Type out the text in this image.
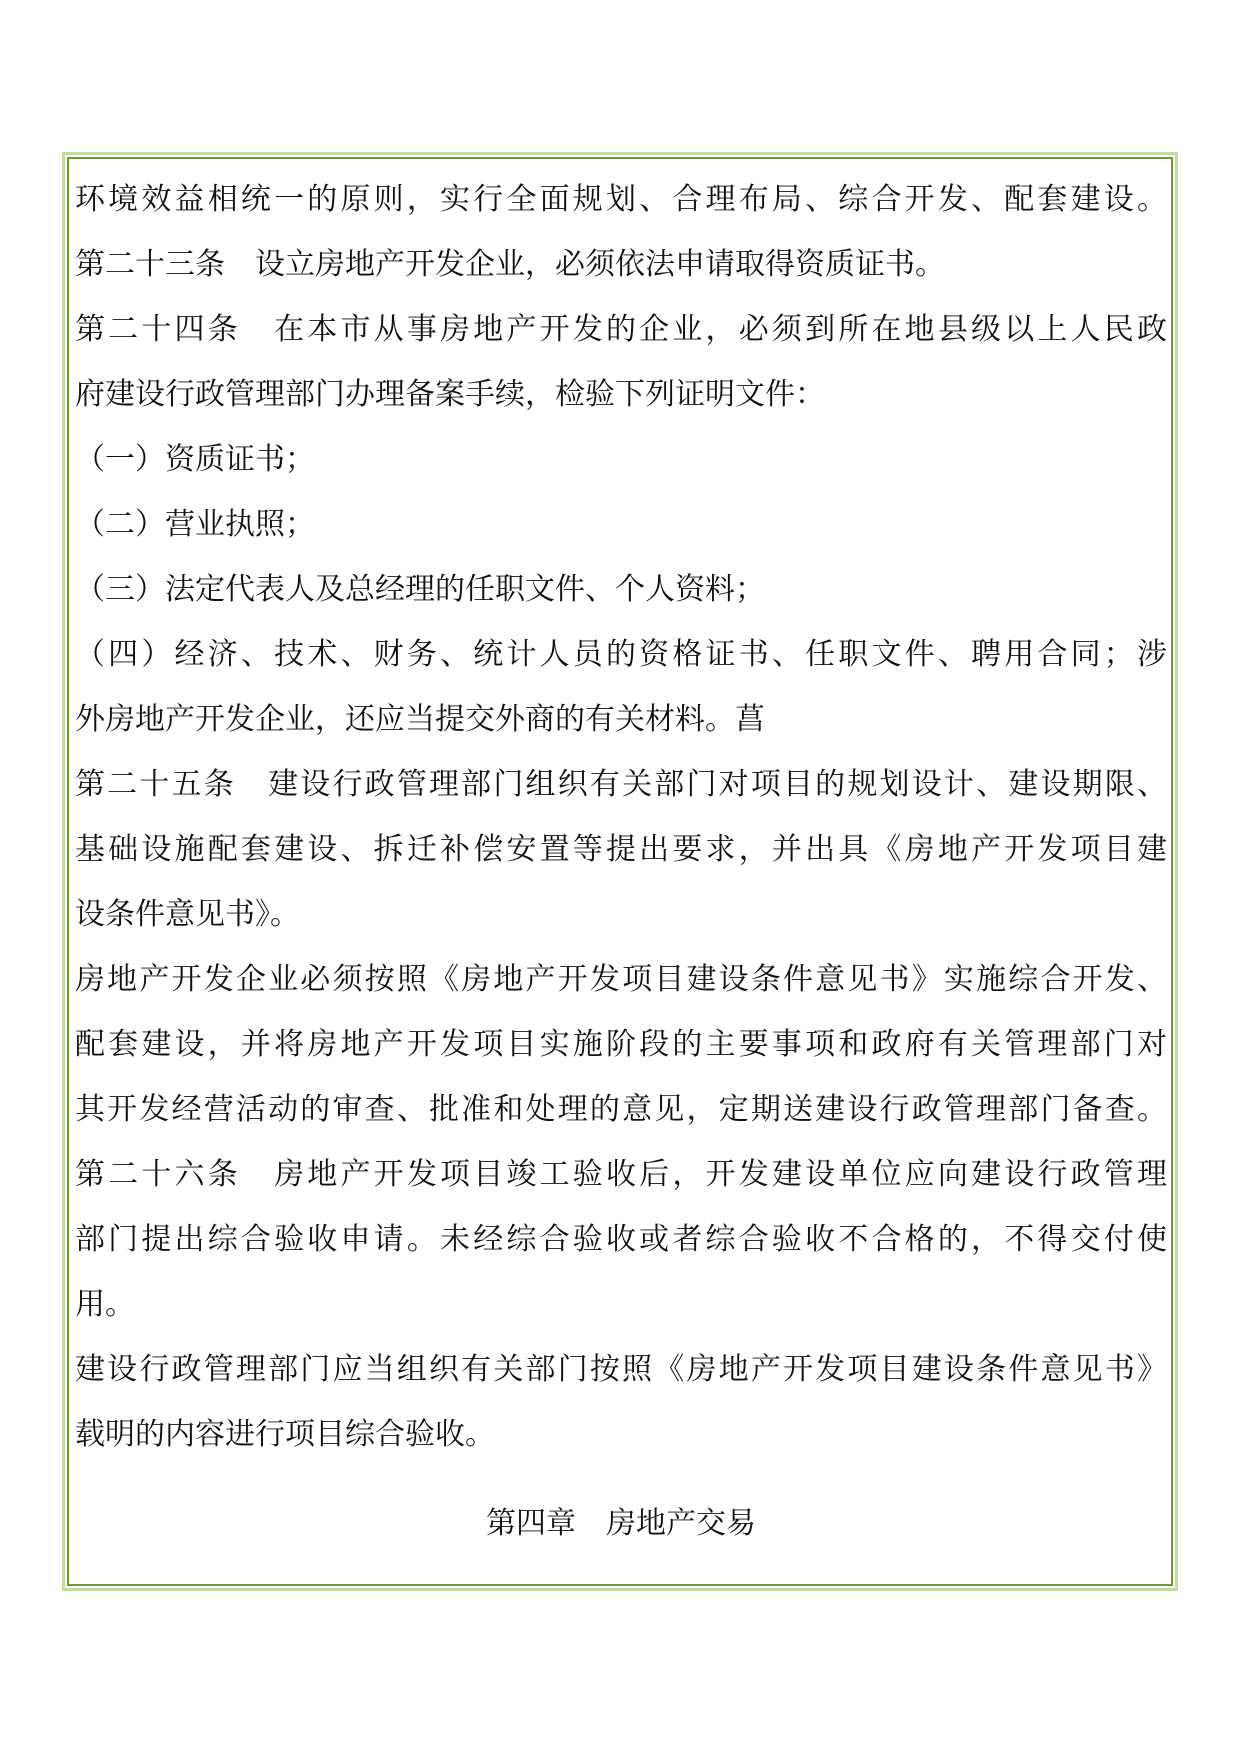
环境效益相统一的原则，实行全面规划、合理布局、综合开发、配套建设。
第二十三条　设立房地产开发企业，必须依法申请取得资质证书。
第二十四条　在本市从事房地产开发的企业，必须到所在地县级以上人民政
府建设行政管理部门办理备案手续，检验下列证明文件：
（一）资质证书；
（二）营业执照；
（三）法定代表人及总经理的任职文件、个人资料；
（四）经济、技术、财务、统计人员的资格证书、任职文件、聘用合同；涉
外房地产开发企业，还应当提交外商的有关材料。菖
第二十五条　建设行政管理部门组织有关部门对项目的规划设计、建设期限、
基础设施配套建设、拆迁补偿安置等提出要求，并出具《房地产开发项目建
设条件意见书》。
房地产开发企业必须按照《房地产开发项目建设条件意见书》实施综合开发、
配套建设，并将房地产开发项目实施阶段的主要事项和政府有关管理部门对
其开发经营活动的审查、批准和处理的意见，定期送建设行政管理部门备查。
第二十六条　房地产开发项目竣工验收后，开发建设单位应向建设行政管理
部门提出综合验收申请。未经综合验收或者综合验收不合格的，不得交付使
用。
建设行政管理部门应当组织有关部门按照《房地产开发项目建设条件意见书》
载明的内容进行项目综合验收。
第四章　房地产交易
